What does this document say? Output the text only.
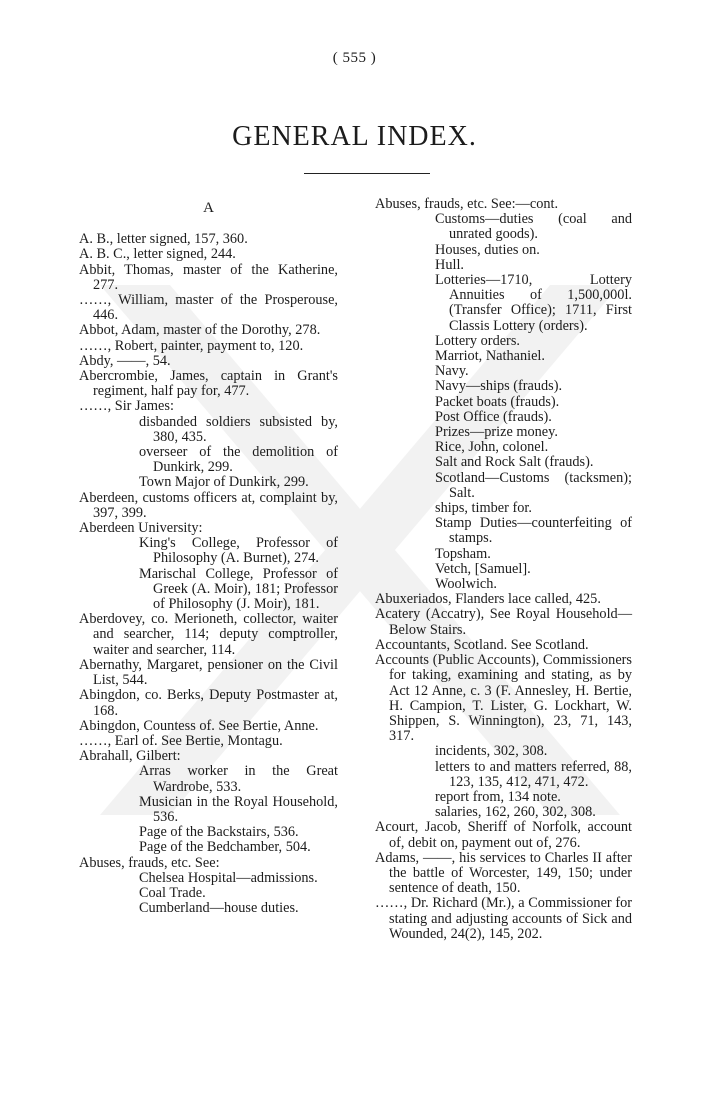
( 555 )
GENERAL INDEX.
A

A. B., letter signed, 157, 360.

A. B. C., letter signed, 244.

Abbit, Thomas, master of the Katherine, 277.

……, William, master of the Prosperouse, 446.

Abbot, Adam, master of the Dorothy, 278.

……, Robert, painter, payment to, 120.

Abdy, ——, 54.

Abercrombie, James, captain in Grant's regiment, half pay for, 477.

……, Sir James:

disbanded soldiers subsisted by, 380, 435.

overseer of the demolition of Dunkirk, 299.

Town Major of Dunkirk, 299.

Aberdeen, customs officers at, complaint by, 397, 399.

Aberdeen University:

King's College, Professor of Philosophy (A. Burnet), 274.

Marischal College, Professor of Greek (A. Moir), 181; Professor of Philosophy (J. Moir), 181.

Aberdovey, co. Merioneth, collector, waiter and searcher, 114; deputy comptroller, waiter and searcher, 114.

Abernathy, Margaret, pensioner on the Civil List, 544.

Abingdon, co. Berks, Deputy Postmaster at, 168.

Abingdon, Countess of. See Bertie, Anne.

……, Earl of. See Bertie, Montagu.

Abrahall, Gilbert:

Arras worker in the Great Wardrobe, 533.

Musician in the Royal Household, 536.

Page of the Backstairs, 536.

Page of the Bedchamber, 504.

Abuses, frauds, etc. See:

Chelsea Hospital—admissions.

Coal Trade.

Cumberland—house duties.

Abuses, frauds, etc. See:—cont.

Customs—duties (coal and unrated goods).

Houses, duties on.

Hull.

Lotteries—1710, Lottery Annuities of 1,500,000l. (Transfer Office); 1711, First Classis Lottery (orders).

Lottery orders.

Marriot, Nathaniel.

Navy.

Navy—ships (frauds).

Packet boats (frauds).

Post Office (frauds).

Prizes—prize money.

Rice, John, colonel.

Salt and Rock Salt (frauds).

Scotland—Customs (tacksmen); Salt.

ships, timber for.

Stamp Duties—counterfeiting of stamps.

Topsham.

Vetch, [Samuel].

Woolwich.

Abuxeriados, Flanders lace called, 425.

Acatery (Accatry), See Royal Household—Below Stairs.

Accountants, Scotland. See Scotland.

Accounts (Public Accounts), Commissioners for taking, examining and stating, as by Act 12 Anne, c. 3 (F. Annesley, H. Bertie, H. Campion, T. Lister, G. Lockhart, W. Shippen, S. Winnington), 23, 71, 143, 317.

incidents, 302, 308.

letters to and matters referred, 88, 123, 135, 412, 471, 472.

report from, 134 note.

salaries, 162, 260, 302, 308.

Acourt, Jacob, Sheriff of Norfolk, account of, debit on, payment out of, 276.

Adams, ——, his services to Charles II after the battle of Worcester, 149, 150; under sentence of death, 150.

……, Dr. Richard (Mr.), a Commissioner for stating and adjusting accounts of Sick and Wounded, 24(2), 145, 202.
